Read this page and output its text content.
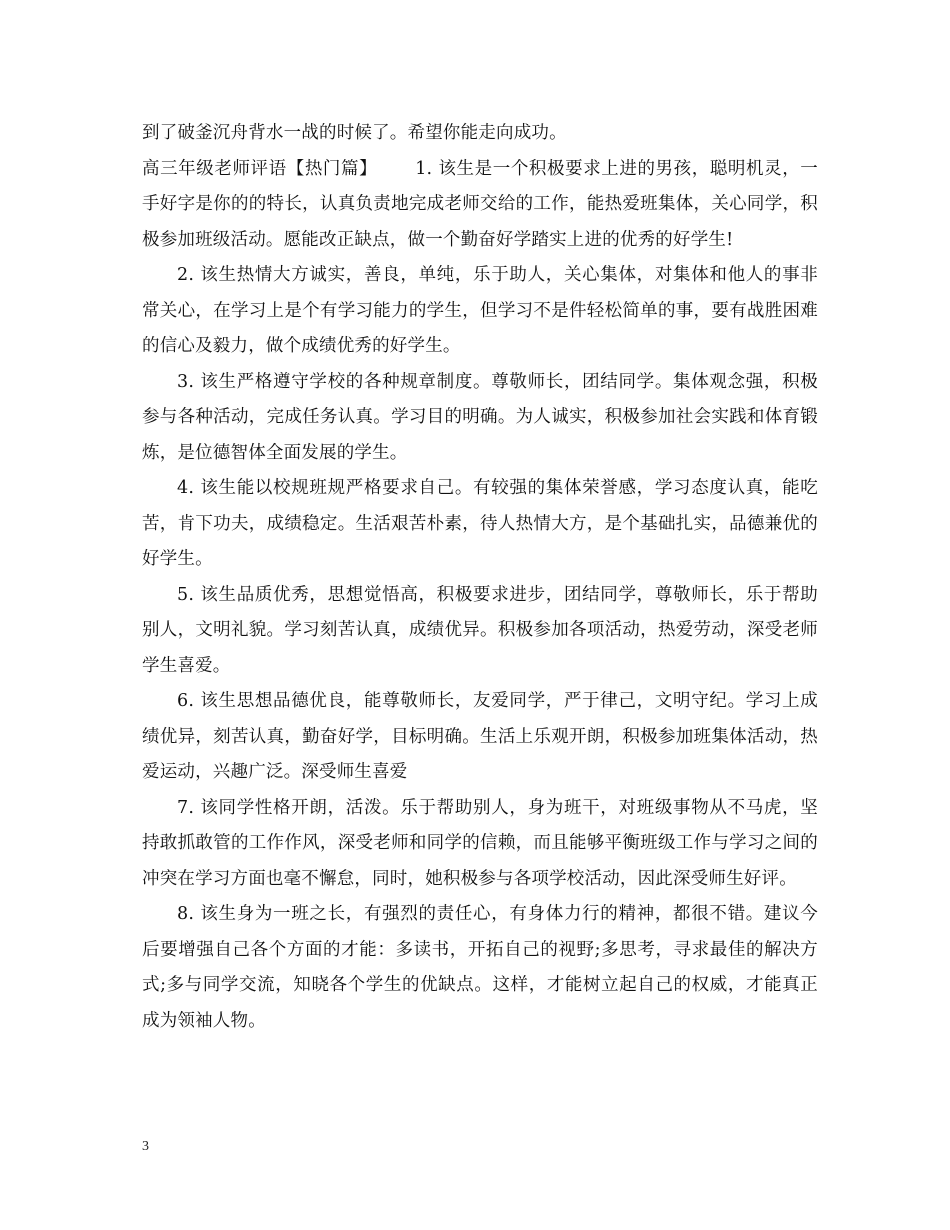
到了破釜沉舟背水一战的时候了。希望你能走向成功。

高三年级老师评语【热门篇】 1. 该生是一个积极要求上进的男孩，聪明机灵，一手好字是你的的特长，认真负责地完成老师交给的工作，能热爱班集体，关心同学，积极参加班级活动。愿能改正缺点，做一个勤奋好学踏实上进的优秀的好学生!

2. 该生热情大方诚实，善良，单纯，乐于助人，关心集体，对集体和他人的事非常关心，在学习上是个有学习能力的学生，但学习不是件轻松简单的事，要有战胜困难的信心及毅力，做个成绩优秀的好学生。

3. 该生严格遵守学校的各种规章制度。尊敬师长，团结同学。集体观念强，积极参与各种活动，完成任务认真。学习目的明确。为人诚实，积极参加社会实践和体育锻炼，是位德智体全面发展的学生。

4. 该生能以校规班规严格要求自己。有较强的集体荣誉感，学习态度认真，能吃苦，肯下功夫，成绩稳定。生活艰苦朴素，待人热情大方，是个基础扎实，品德兼优的好学生。

5. 该生品质优秀，思想觉悟高，积极要求进步，团结同学，尊敬师长，乐于帮助别人，文明礼貌。学习刻苦认真，成绩优异。积极参加各项活动，热爱劳动，深受老师学生喜爱。

6. 该生思想品德优良，能尊敬师长，友爱同学，严于律己，文明守纪。学习上成绩优异，刻苦认真，勤奋好学，目标明确。生活上乐观开朗，积极参加班集体活动，热爱运动，兴趣广泛。深受师生喜爱

7. 该同学性格开朗，活泼。乐于帮助别人，身为班干，对班级事物从不马虎，坚持敢抓敢管的工作作风，深受老师和同学的信赖，而且能够平衡班级工作与学习之间的冲突在学习方面也毫不懈怠，同时，她积极参与各项学校活动，因此深受师生好评。

8. 该生身为一班之长，有强烈的责任心，有身体力行的精神，都很不错。建议今后要增强自己各个方面的才能：多读书，开拓自己的视野;多思考，寻求最佳的解决方式;多与同学交流，知晓各个学生的优缺点。这样，才能树立起自己的权威，才能真正成为领袖人物。

3
